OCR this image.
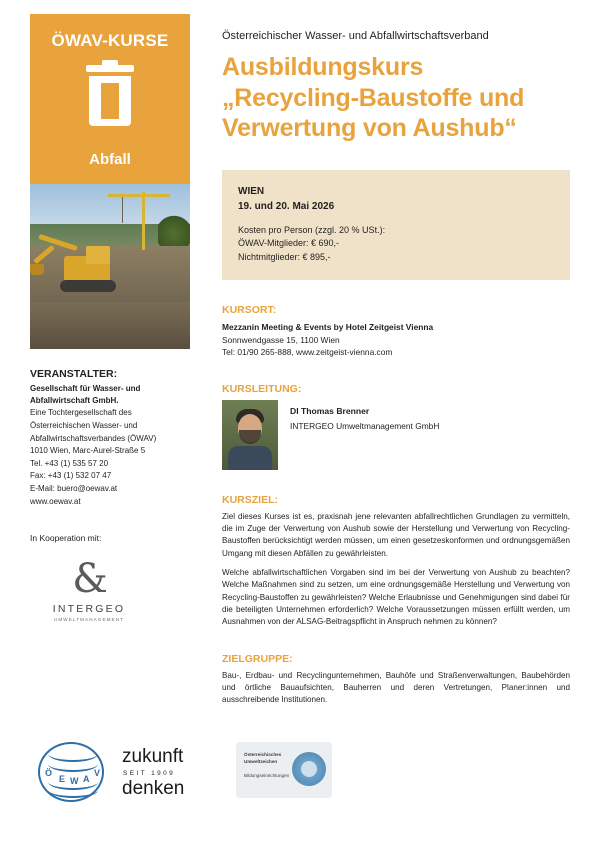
ÖWAV-KURSE
Abfall
VERANSTALTER:
Gesellschaft für Wasser- und Abfallwirtschaft GmbH.
Eine Tochtergesellschaft des
Österreichischen Wasser- und
Abfallwirtschaftsverbandes (ÖWAV)
1010 Wien, Marc-Aurel-Straße 5
Tel. +43 (1) 535 57 20
Fax: +43 (1) 532 07 47
E-Mail: buero@oewav.at
www.oewav.at
In Kooperation mit:
&
INTERGEO
UMWELTMANAGEMENT
Ö
E W A
V
zukunft
SEIT 1909
denken
Österreichisches
Umweltzeichen

Bildungseinrichtungen
Österreichischer Wasser- und Abfallwirtschaftsverband
Ausbildungskurs
„Recycling-Baustoffe und
Verwertung von Aushub“
WIEN
19. und 20. Mai 2026
Kosten pro Person (zzgl. 20 % USt.):
ÖWAV-Mitglieder: € 690,-
Nichtmitglieder: € 895,-
KURSORT:
Mezzanin Meeting & Events by Hotel Zeitgeist Vienna
Sonnwendgasse 15, 1100 Wien
Tel: 01/90 265-888, www.zeitgeist-vienna.com
KURSLEITUNG:
DI Thomas Brenner
INTERGEO Umweltmanagement GmbH
KURSZIEL:
Ziel dieses Kurses ist es, praxisnah jene relevanten abfallrechtlichen Grundlagen zu vermitteln, die im Zuge der Verwertung von Aushub sowie der Herstellung und Verwertung von Recycling-Baustoffen berücksichtigt werden müssen, um einen gesetzeskonformen und ordnungsgemäßen Umgang mit diesen Abfällen zu gewährleisten.
Welche abfallwirtschaftlichen Vorgaben sind im bei der Verwertung von Aushub zu beachten? Welche Maßnahmen sind zu setzen, um eine ordnungsgemäße Herstellung und Verwertung von Recycling-Baustoffen zu gewährleisten? Welche Erlaubnisse und Genehmigungen sind dabei für die beteiligten Unternehmen erforderlich? Welche Voraussetzungen müssen erfüllt werden, um Ausnahmen von der ALSAG-Beitragspflicht in Anspruch nehmen zu können?
ZIELGRUPPE:
Bau-, Erdbau- und Recyclingunternehmen, Bauhöfe und Straßenverwaltungen, Baubehörden und örtliche Bauaufsichten, Bauherren und deren Vertretungen, Planer:innen und ausschreibende Institutionen.
